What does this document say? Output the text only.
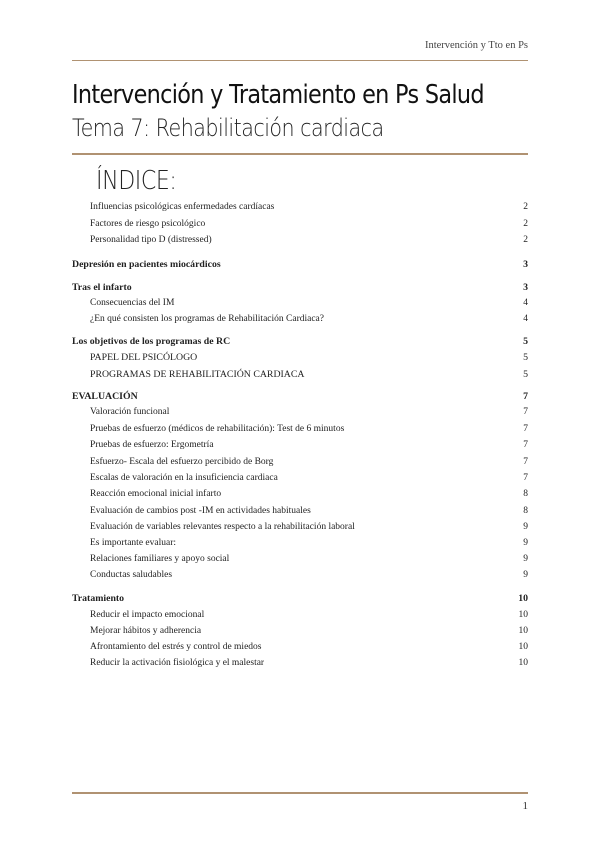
Intervención y Tto en Ps
Intervención y Tratamiento en Ps Salud
Tema 7: Rehabilitación cardiaca
ÍNDICE:
Influencias psicológicas enfermedades cardíacas	2
Factores de riesgo psicológico	2
Personalidad tipo D (distressed)	2
Depresión en pacientes miocárdicos	3
Tras el infarto	3
Consecuencias del IM	4
¿En qué consisten los programas de Rehabilitación Cardiaca?	4
Los objetivos de los programas de RC	5
PAPEL DEL PSICÓLOGO	5
PROGRAMAS DE REHABILITACIÓN CARDIACA	5
EVALUACIÓN	7
Valoración funcional	7
Pruebas de esfuerzo (médicos de rehabilitación): Test de 6 minutos	7
Pruebas de esfuerzo: Ergometría	7
Esfuerzo- Escala del esfuerzo percibido de Borg	7
Escalas de valoración en la insuficiencia cardiaca	7
Reacción emocional inicial infarto	8
Evaluación de cambios post -IM en actividades habituales	8
Evaluación de variables relevantes respecto a la rehabilitación laboral	9
Es importante evaluar:	9
Relaciones familiares y apoyo social	9
Conductas saludables	9
Tratamiento	10
Reducir el impacto emocional	10
Mejorar hábitos y adherencia	10
Afrontamiento del estrés y control de miedos	10
Reducir la activación fisiológica y el malestar	10
1
